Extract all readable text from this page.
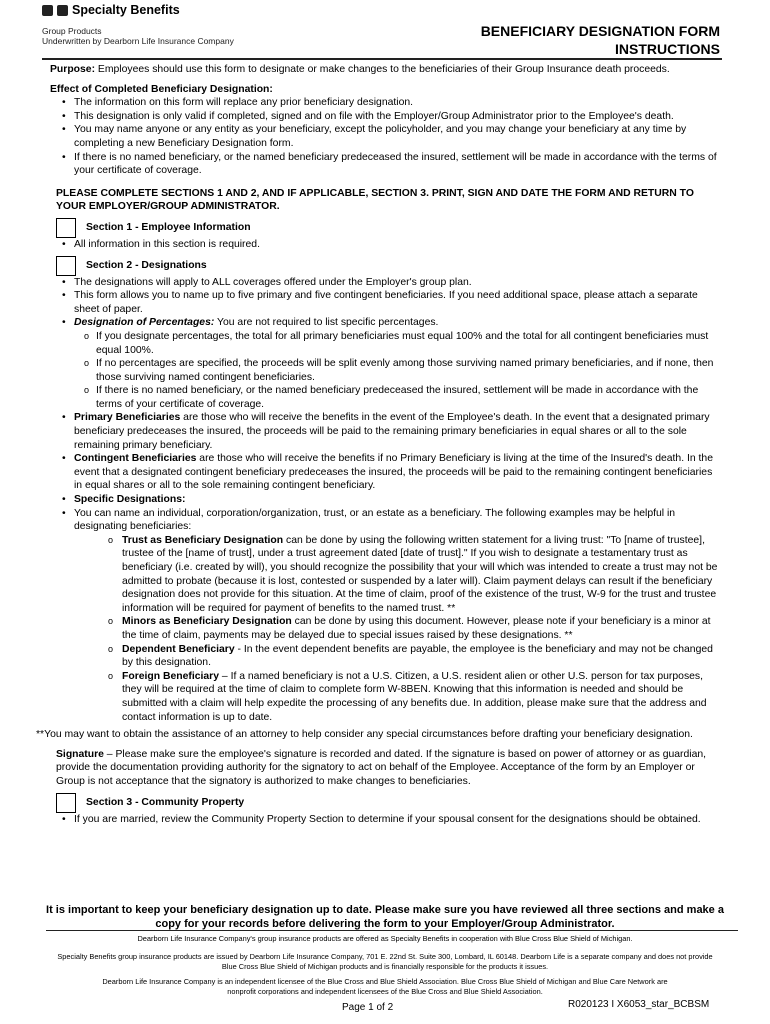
Specialty Benefits
Group Products
Underwritten by Dearborn Life Insurance Company
BENEFICIARY DESIGNATION FORM
INSTRUCTIONS

Purpose: Employees should use this form to designate or make changes to the beneficiaries of their Group Insurance death proceeds.

Effect of Completed Beneficiary Designation:

• The information on this form will replace any prior beneficiary designation.
• This designation is only valid if completed, signed and on file with the Employer/Group Administrator prior to the Employee's death.
• You may name anyone or any entity as your beneficiary, except the policyholder, and you may change your beneficiary at any time by completing a new Beneficiary Designation form.
• If there is no named beneficiary, or the named beneficiary predeceased the insured, settlement will be made in accordance with the terms of your certificate of coverage.

PLEASE COMPLETE SECTIONS 1 AND 2, AND IF APPLICABLE, SECTION 3. PRINT, SIGN AND DATE THE FORM AND RETURN TO YOUR EMPLOYER/GROUP ADMINISTRATOR.

Section 1 - Employee Information
• All information in this section is required.
Section 2 - Designations
• The designations will apply to ALL coverages offered under the Employer's group plan.
• This form allows you to name up to five primary and five contingent beneficiaries. If you need additional space, please attach a separate sheet of paper.
• Designation of Percentages: You are not required to list specific percentages.
o If you designate percentages, the total for all primary beneficiaries must equal 100% and the total for all contingent beneficiaries must equal 100%.
o If no percentages are specified, the proceeds will be split evenly among those surviving named primary beneficiaries, and if none, then those surviving named contingent beneficiaries.
o If there is no named beneficiary, or the named beneficiary predeceased the insured, settlement will be made in accordance with the terms of your certificate of coverage.
• Primary Beneficiaries are those who will receive the benefits in the event of the Employee's death. In the event that a designated primary beneficiary predeceases the insured, the proceeds will be paid to the remaining primary beneficiaries in equal shares or all to the sole remaining primary beneficiary.
• Contingent Beneficiaries are those who will receive the benefits if no Primary Beneficiary is living at the time of the Insured's death. In the event that a designated contingent beneficiary predeceases the insured, the proceeds will be paid to the remaining contingent beneficiaries in equal shares or all to the sole remaining contingent beneficiary.
• Specific Designations:
• You can name an individual, corporation/organization, trust, or an estate as a beneficiary. The following examples may be helpful in designating beneficiaries:
o Trust as Beneficiary Designation can be done by using the following written statement for a living trust: "To [name of trustee], trustee of the [name of trust], under a trust agreement dated [date of trust]." If you wish to designate a testamentary trust as beneficiary (i.e. created by will), you should recognize the possibility that your will which was intended to create a trust may not be admitted to probate (because it is lost, contested or suspended by a later will). Claim payment delays can result if the beneficiary designation does not provide for this situation. At the time of claim, proof of the existence of the trust, W-9 for the trust and trustee information will be required for payment of benefits to the named trust. **
o Minors as Beneficiary Designation can be done by using this document. However, please note if your beneficiary is a minor at the time of claim, payments may be delayed due to special issues raised by these designations. **
o Dependent Beneficiary - In the event dependent benefits are payable, the employee is the beneficiary and may not be changed by this designation.
o Foreign Beneficiary – If a named beneficiary is not a U.S. Citizen, a U.S. resident alien or other U.S. person for tax purposes, they will be required at the time of claim to complete form W-8BEN. Knowing that this information is needed and should be submitted with a claim will help expedite the processing of any benefits due. In addition, please make sure that the address and contact information is up to date.

**You may want to obtain the assistance of an attorney to help consider any special circumstances before drafting your beneficiary designation.

Signature – Please make sure the employee's signature is recorded and dated. If the signature is based on power of attorney or as guardian, provide the documentation providing authority for the signatory to act on behalf of the Employee. Acceptance of the form by an Employer or Group is not acceptance that the signatory is authorized to make changes to beneficiaries.

Section 3 - Community Property
• If you are married, review the Community Property Section to determine if your spousal consent for the designations should be obtained.
It is important to keep your beneficiary designation up to date. Please make sure you have reviewed all three sections and make a copy for your records before delivering the form to your Employer/Group Administrator.
Dearborn Life Insurance Company's group insurance products are offered as Specialty Benefits in cooperation with Blue Cross Blue Shield of Michigan.
Specialty Benefits group insurance products are issued by Dearborn Life Insurance Company, 701 E. 22nd St. Suite 300, Lombard, IL 60148. Dearborn Life is a separate company and does not provide Blue Cross Blue Shield of Michigan products and is financially responsible for the products it issues.
Dearborn Life Insurance Company is an independent licensee of the Blue Cross and Blue Shield Association. Blue Cross Blue Shield of Michigan and Blue Care Network are nonprofit corporations and independent licensees of the Blue Cross and Blue Shield Association.
Page 1 of 2	R020123 I X6053_star_BCBSM
